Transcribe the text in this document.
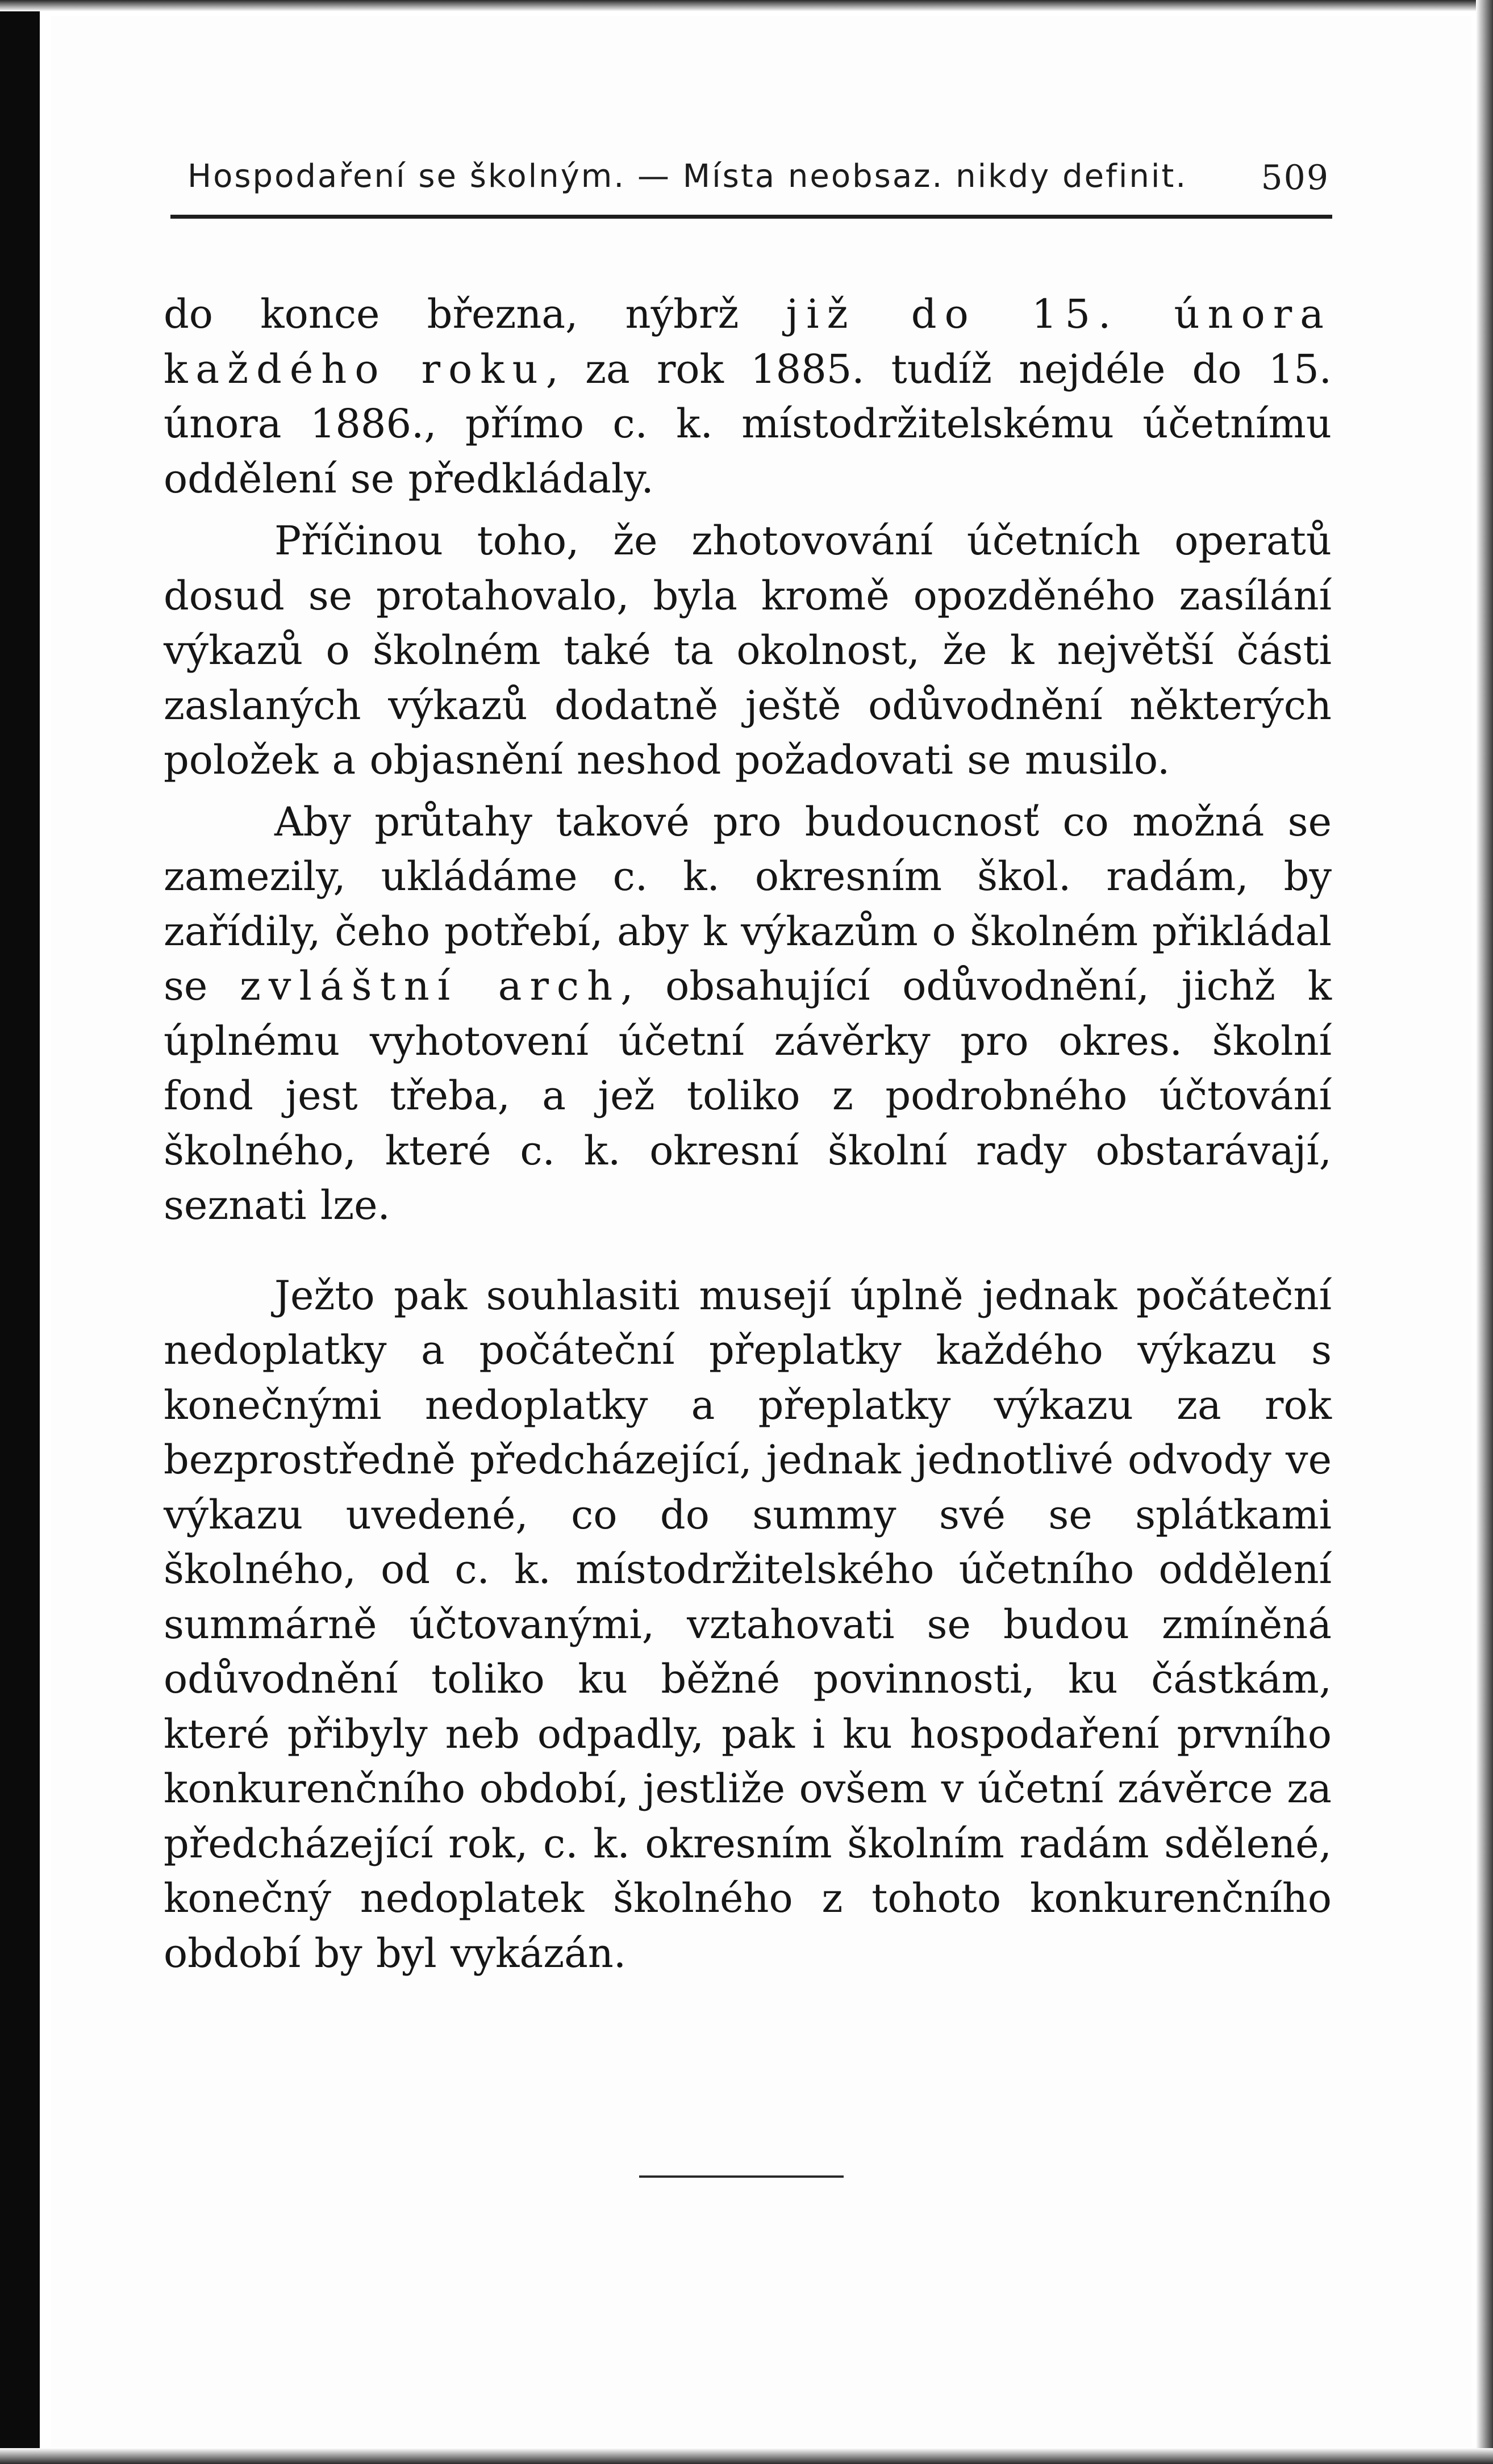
Hospodaření se školným. — Místa neobsaz. nikdy definit. 509

do konce března, nýbrž již do 15. února každého roku, za rok 1885. tudíž nejdéle do 15. února 1886., přímo c. k. místodržitelskému účetnímu oddělení se předkládaly.

Příčinou toho, že zhotovování účetních operatů dosud se protahovalo, byla kromě opozděného zasílání výkazů o školném také ta okolnost, že k největší části zaslaných výkazů dodatně ještě odůvodnění některých položek a objasnění neshod požadovati se musilo.

Aby průtahy takové pro budoucnosť co možná se zamezily, ukládáme c. k. okresním škol. radám, by zařídily, čeho potřebí, aby k výkazům o školném přikládal se zvláštní arch, obsahující odůvodnění, jichž k úplnému vyhotovení účetní závěrky pro okres. školní fond jest třeba, a jež toliko z podrobného účtování školného, které c. k. okresní školní rady obstarávají, seznati lze.

Ježto pak souhlasiti musejí úplně jednak počáteční nedoplatky a počáteční přeplatky každého výkazu s konečnými nedoplatky a přeplatky výkazu za rok bezprostředně předcházející, jednak jednotlivé odvody ve výkazu uvedené, co do summy své se splátkami školného, od c. k. místodržitelského účetního oddělení summárně účtovanými, vztahovati se budou zmíněná odůvodnění toliko ku běžné povinnosti, ku částkám, které přibyly neb odpadly, pak i ku hospodaření prvního konkurenčního období, jestliže ovšem v účetní závěrce za předcházející rok, c. k. okresním školním radám sdělené, konečný nedoplatek školného z tohoto konkurenčního období by byl vykázán.
